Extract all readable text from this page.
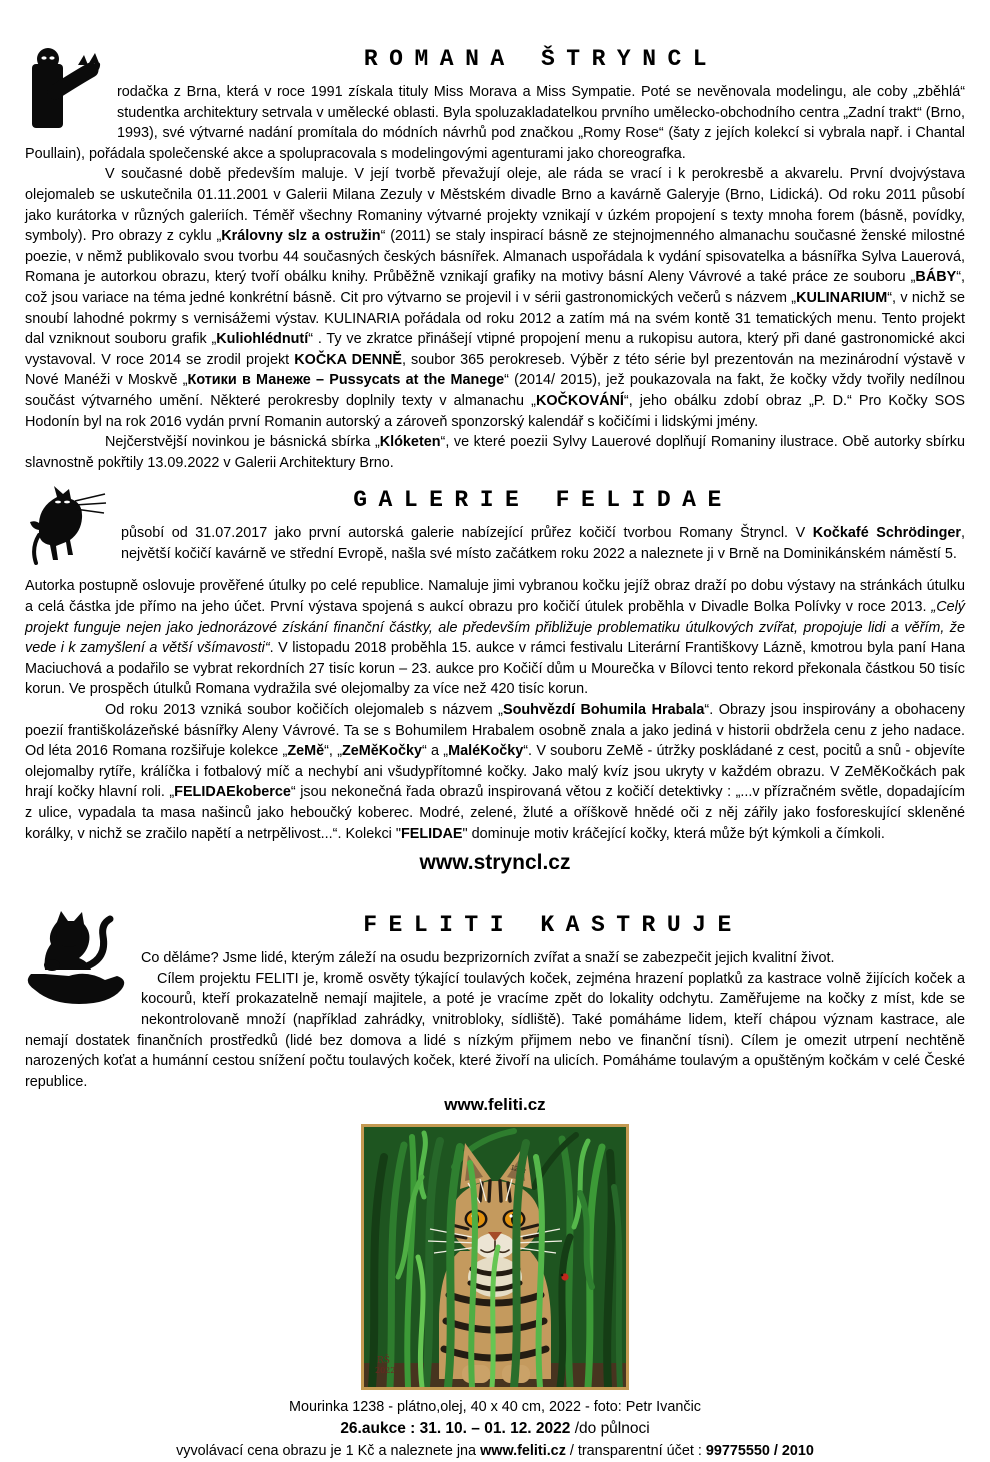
ROMANA ŠTRYNCL

rodačka z Brna, která v roce 1991 získala tituly Miss Morava a Miss Sympatie. Poté se nevěnovala modelingu, ale coby „zběhlá“ studentka architektury setrvala v umělecké oblasti. Byla spoluzakladatelkou prvního umělecko-obchodního centra „Zadní trakt“ (Brno, 1993), své výtvarné nadání promítala do módních návrhů pod značkou „Romy Rose“ (šaty z jejích kolekcí si vybrala např. i Chantal Poullain), pořádala společenské akce a spolupracovala s modelingovými agenturami jako choreografka.

V současné době především maluje. V její tvorbě převažují oleje, ale ráda se vrací i k perokresbě a akvarelu. První dvojvýstava olejomaleb se uskutečnila 01.11.2001 v Galerii Milana Zezuly v Městském divadle Brno a kavárně Galeryje (Brno, Lidická). Od roku 2011 působí jako kurátorka v různých galeriích. Téměř všechny Romaniny výtvarné projekty vznikají v úzkém propojení s texty mnoha forem (básně, povídky, symboly). Pro obrazy z cyklu „Královny slz a ostružin“ (2011) se staly inspirací básně ze stejnojmenného almanachu současné ženské milostné poezie, v němž publikovalo svou tvorbu 44 současných českých básnířek. Almanach uspořádala k vydání spisovatelka a básnířka Sylva Lauerová, Romana je autorkou obrazu, který tvoří obálku knihy. Průběžně vznikají grafiky na motivy básní Aleny Vávrové a také práce ze souboru „BÁBY“, což jsou variace na téma jedné konkrétní básně. Cit pro výtvarno se projevil i v sérii gastronomických večerů s názvem „KULINARIUM“, v nichž se snoubí lahodné pokrmy s vernisážemi výstav. KULINARIA pořádala od roku 2012 a zatím má na svém kontě 31 tematických menu. Tento projekt dal vzniknout souboru grafik „Kuliohlédnutí“ . Ty ve zkratce přinášejí vtipné propojení menu a rukopisu autora, který při dané gastronomické akci vystavoval. V roce 2014 se zrodil projekt KOČKA DENNĚ, soubor 365 perokreseb. Výběr z této série byl prezentován na mezinárodní výstavě v Nové Manéži v Moskvě „Котики в Манеже – Pussycats at the Manege“ (2014/ 2015), jež poukazovala na fakt, že kočky vždy tvořily nedílnou součást výtvarného umění. Některé perokresby doplnily texty v almanachu „KOČKOVÁNÍ“, jeho obálku zdobí obraz „P. D.“ Pro Kočky SOS Hodonín byl na rok 2016 vydán první Romanin autorský a zároveň sponzorský kalendář s kočičími i lidskými jmény.

Nejčerstvější novinkou je básnická sbírka „Klóketen“, ve které poezii Sylvy Lauerové doplňují Romaniny ilustrace. Obě autorky sbírku slavnostně pokřtily 13.09.2022 v Galerii Architektury Brno.

GALERIE FELIDAE

působí od 31.07.2017 jako první autorská galerie nabízející průřez kočičí tvorbou Romany Štryncl. V Kočkafé Schrödinger, největší kočičí kavárně ve střední Evropě, našla své místo začátkem roku 2022 a naleznete ji v Brně na Dominikánském náměstí 5.

Autorka postupně oslovuje prověřené útulky po celé republice. Namaluje jimi vybranou kočku jejíž obraz draží po dobu výstavy na stránkách útulku a celá částka jde přímo na jeho účet. První výstava spojená s aukcí obrazu pro kočičí útulek proběhla v Divadle Bolka Polívky v roce 2013. „Celý projekt funguje nejen jako jednorázové získání finanční částky, ale především přibližuje problematiku útulkových zvířat, propojuje lidi a věřím, že vede i k zamyšlení a větší všímavosti“. V listopadu 2018 proběhla 15. aukce v rámci festivalu Literární Františkovy Lázně, kmotrou byla paní Hana Maciuchová a podařilo se vybrat rekordních 27 tisíc korun – 23. aukce pro Kočičí dům u Mourečka v Bílovci tento rekord překonala částkou 50 tisíc korun. Ve prospěch útulků Romana vydražila své olejomalby za více než 420 tisíc korun.

Od roku 2013 vzniká soubor kočičích olejomaleb s názvem „Souhvězdí Bohumila Hrabala“. Obrazy jsou inspirovány a obohaceny poezií františkolázeňské básnířky Aleny Vávrové. Ta se s Bohumilem Hrabalem osobně znala a jako jediná v historii obdržela cenu z jeho nadace. Od léta 2016 Romana rozšiřuje kolekce „ZeMě“, „ZeMěKočky“ a „MaléKočky“. V souboru ZeMě - útržky poskládané z cest, pocitů a snů - objevíte olejomalby rytíře, králíčka i fotbalový míč a nechybí ani všudypřítomné kočky. Jako malý kvíz jsou ukryty v každém obrazu. V ZeMěKočkách pak hrají kočky hlavní roli. „FELIDAEkoberce“ jsou nekonečná řada obrazů inspirovaná větou z kočičí detektivky : „...v přízračném světle, dopadajícím z ulice, vypadala ta masa našinců jako heboučký koberec. Modré, zelené, žluté a oříškově hnědé oči z něj zářily jako fosforeskující skleněné korálky, v nichž se zračilo napětí a netrpělivost...“. Kolekci "FELIDAE" dominuje motiv kráčející kočky, která může být kýmkoli a čímkoli.

www.stryncl.cz

FELITI KASTRUJE

Co děláme? Jsme lidé, kterým záleží na osudu bezprizorních zvířat a snaží se zabezpečit jejich kvalitní život.

Cílem projektu FELITI je, kromě osvěty týkající toulavých koček, zejména hrazení poplatků za kastrace volně žijících koček a kocourů, kteří prokazatelně nemají majitele, a poté je vracíme zpět do lokality odchytu. Zaměřujeme na kočky z míst, kde se nekontrolovaně množí (například zahrádky, vnitrobloky, sídliště). Také pomáháme lidem, kteří chápou význam kastrace, ale nemají dostatek finančních prostředků (lidé bez domova a lidé s nízkým přijmem nebo ve finanční tísni). Cílem je omezit utrpení nechtěně narozených koťat a humánní cestou snížení počtu toulavých koček, které živoří na ulicích. Pomáháme toulavým a opuštěným kočkám v celé České republice.

www.feliti.cz

1238
RŠ
2022

Mourinka 1238 - plátno,olej, 40 x 40 cm, 2022 - foto: Petr Ivančic

26.aukce : 31. 10. – 01. 12. 2022 /do půlnoci

vyvolávací cena obrazu je 1 Kč a naleznete jna www.feliti.cz / transparentní účet : 99775550 / 2010
